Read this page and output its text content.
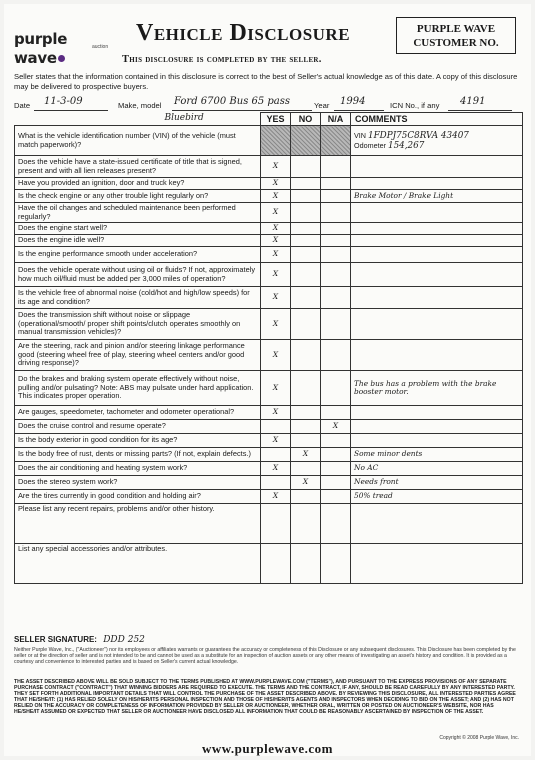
purple wave
auction
Vehicle Disclosure	PURPLE WAVE
CUSTOMER NO.
This disclosure is completed by the seller.
Seller states that the information contained in this disclosure is correct to the best of Seller's actual knowledge as of this date. A copy of this disclosure may be delivered to prospective buyers.
Date 11-3-09	Make, model Ford 6700 Bus 65 pass	Year 1994	ICN No., if any 4191
Bluebird	YES	NO	N/A	COMMENTS
What is the vehicle identification number (VIN) of the vehicle (must match paperwork)?				VIN 1FDPJ75C8RVA 43407
Odometer 154,267

Does the vehicle have a state-issued certificate of title that is signed, present and with all lien releases present?	X			
Have you provided an ignition, door and truck key?	X			
Is the check engine or any other trouble light regularly on?	X			Brake Motor / Brake Light
Have the oil changes and scheduled maintenance been performed regularly?	X			
Does the engine start well?	X			
Does the engine idle well?	X			
Is the engine performance smooth under acceleration?	X			
Does the vehicle operate without using oil or fluids? If not, approximately how much oil/fluid must be added per 3,000 miles of operation?	X			
Is the vehicle free of abnormal noise (cold/hot and high/low speeds) for its age and condition?	X			
Does the transmission shift without noise or slippage (operational/smooth/ proper shift points/clutch operates smoothly on manual transmission vehicles)?	X			
Are the steering, rack and pinion and/or steering linkage performance good (steering wheel free of play, steering wheel centers and/or good driving response)?	X			
Do the brakes and braking system operate effectively without noise, pulling and/or pulsating? Note: ABS may pulsate under hard application. This indicates proper operation.	X			The bus has a problem with the brake booster motor.
Are gauges, speedometer, tachometer and odometer operational?	X			
Does the cruise control and resume operate?			X	
Is the body exterior in good condition for its age?	X			
Is the body free of rust, dents or missing parts? (If not, explain defects.)		X		Some minor dents
Does the air conditioning and heating system work?	X			No AC
Does the stereo system work?		X		Needs front
Are the tires currently in good condition and holding air?	X			50% tread
Please list any recent repairs, problems and/or other history.				
List any special accessories and/or attributes.				
SELLER SIGNATURE: DDD 252
Neither Purple Wave, Inc., ("Auctioneer") nor its employees or affiliates warrants or guarantees the accuracy or completeness of this Disclosure or any subsequent disclosures. This Disclosure has been completed by the seller or at the direction of seller and is not intended to be and cannot be used as a substitute for an inspection of auction assets or any other means of investigating an asset's history and condition. It is provided as a courtesy and convenience to interested parties and is based on Seller's current actual knowledge.
THE ASSET DESCRIBED ABOVE WILL BE SOLD SUBJECT TO THE TERMS PUBLISHED AT WWW.PURPLEWAVE.COM ("TERMS"), AND PURSUANT TO THE EXPRESS PROVISIONS OF ANY SEPARATE PURCHASE CONTRACT ("CONTRACT") THAT WINNING BIDDERS ARE REQUIRED TO EXECUTE. THE TERMS AND THE CONTRACT, IF ANY, SHOULD BE READ CAREFULLY BY ANY INTERESTED PARTY. THEY SET FORTH ADDITIONAL IMPORTANT DETAILS THAT WILL CONTROL THE PURCHASE OF THE ASSET DESCRIBED ABOVE. BY REVIEWING THIS DISCLOSURE, ALL INTERESTED PARTIES AGREE THAT HE/SHE/IT: (1) HAS RELIED SOLELY ON HIS/HER/ITS PERSONAL INSPECTION AND THOSE OF HIS/HER/ITS AGENTS AND INSPECTORS WHEN DECIDING TO BID ON THE ASSET; AND (2) HAS NOT RELIED ON THE ACCURACY OR COMPLETENESS OF INFORMATION PROVIDED BY SELLER OR AUCTIONEER, WHETHER ORAL, WRITTEN OR POSTED ON AUCTIONEER'S WEBSITE, NOR HAS HE/SHE/IT ASSUMED OR EXPECTED THAT SELLER OR AUCTIONEER HAVE DISCLOSED ALL INFORMATION THAT COULD BE REASONABLY ASCERTAINED BY INSPECTION OF THE ASSET.
www.purplewave.com
Copyright © 2008 Purple Wave, Inc.
